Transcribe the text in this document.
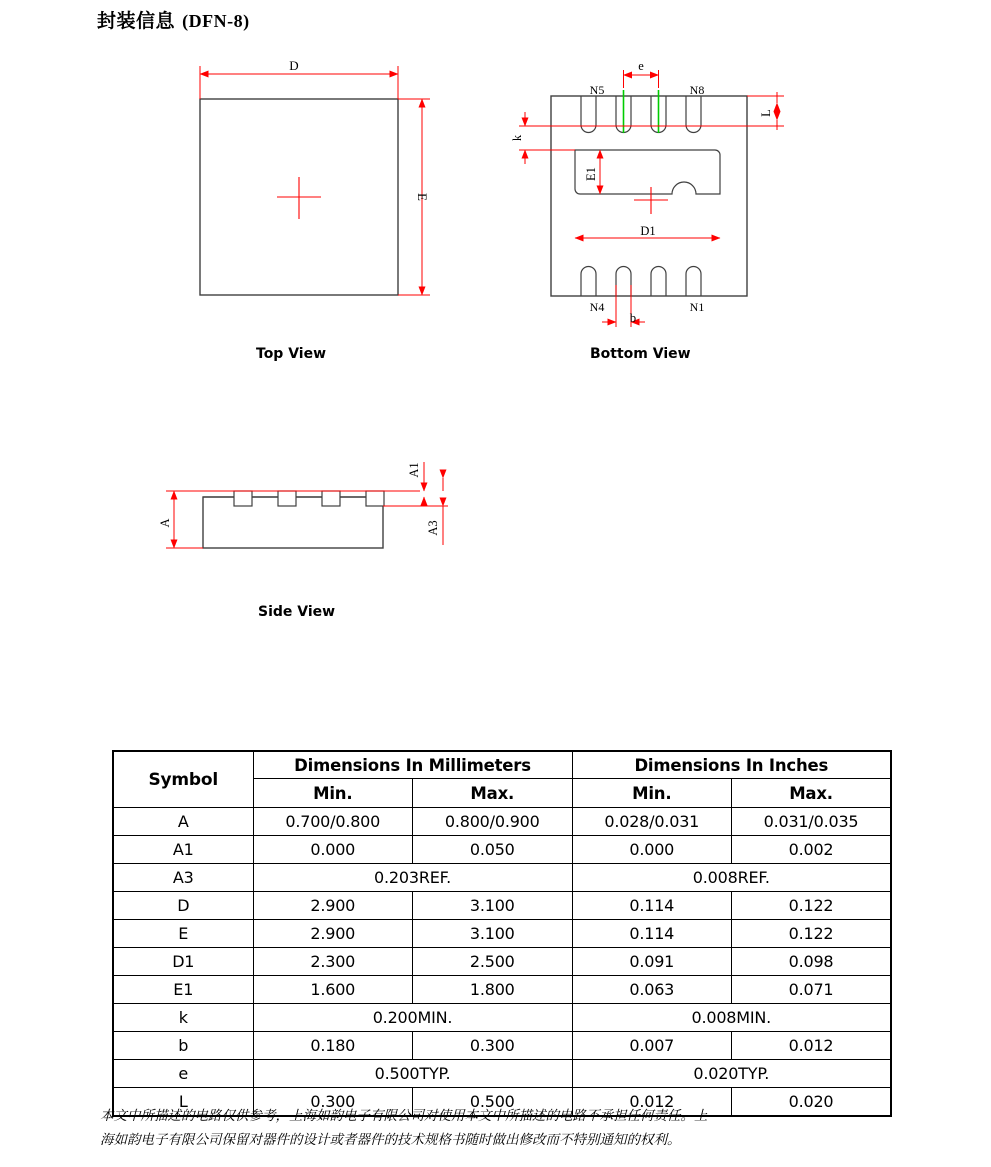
封装信息 (DFN-8)
D
E
e
N5	N8
N4	N1
k
L
E1
D1
b
A
A1
A3
Top View	Bottom View
Side View
Symbol	Dimensions In Millimeters		Dimensions In Inches	
	Min.	Max.	Min.	Max.
A	0.700/0.800	0.800/0.900	0.028/0.031	0.031/0.035
A1	0.000	0.050	0.000	0.002
A3	0.203REF.		0.008REF.	
D	2.900	3.100	0.114	0.122
E	2.900	3.100	0.114	0.122
D1	2.300	2.500	0.091	0.098
E1	1.600	1.800	0.063	0.071
k	0.200MIN.		0.008MIN.	
b	0.180	0.300	0.007	0.012
e	0.500TYP.		0.020TYP.	
L	0.300	0.500	0.012	0.020
本文中所描述的电路仅供参考，上海如韵电子有限公司对使用本文中所描述的电路不承担任何责任。上
海如韵电子有限公司保留对器件的设计或者器件的技术规格书随时做出修改而不特别通知的权利。
